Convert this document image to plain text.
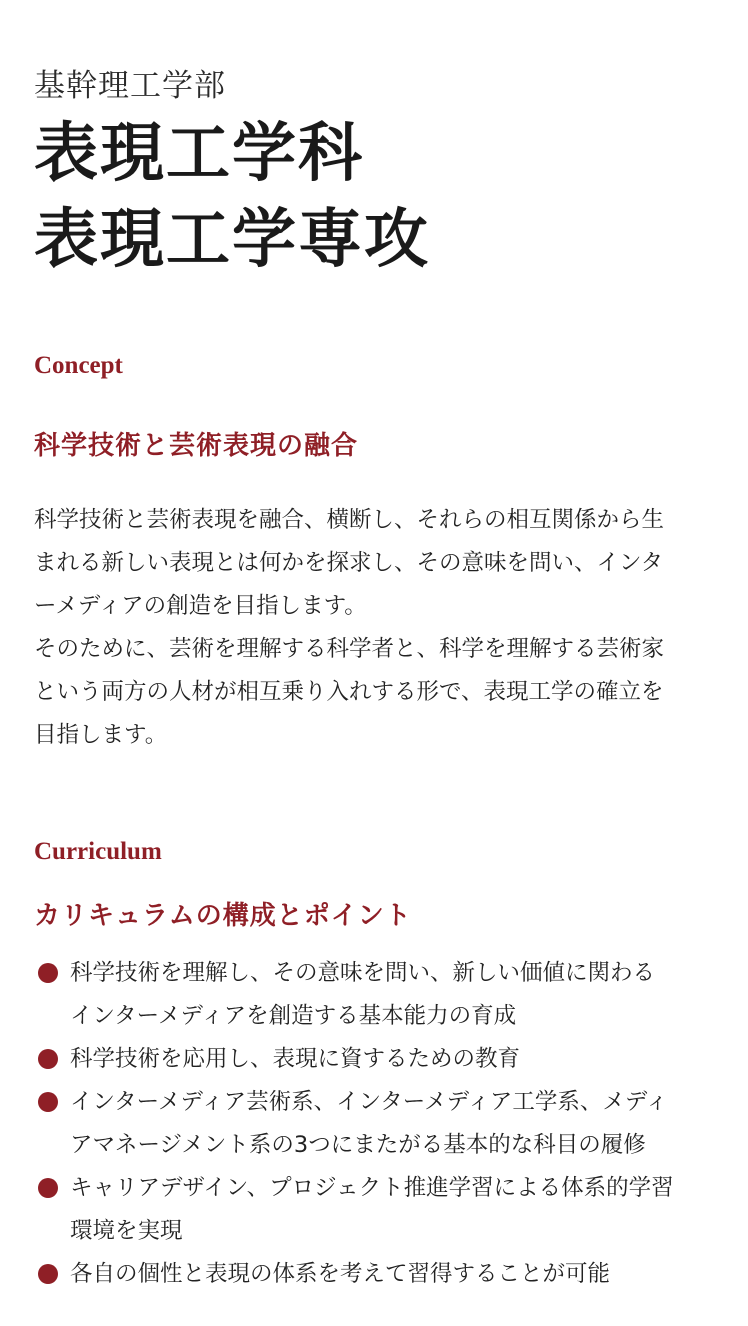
基幹理工学部
表現工学科
表現工学専攻
Concept
科学技術と芸術表現の融合

科学技術と芸術表現を融合、横断し、それらの相互関係から生

まれる新しい表現とは何かを探求し、その意味を問い、インタ

ーメディアの創造を目指します。

そのために、芸術を理解する科学者と、科学を理解する芸術家

という両方の人材が相互乗り入れする形で、表現工学の確立を

目指します。

Curriculum
カリキュラムの構成とポイント
科学技術を理解し、その意味を問い、新しい価値に関わる
インターメディアを創造する基本能力の育成
科学技術を応用し、表現に資するための教育
インターメディア芸術系、インターメディア工学系、メディ
アマネージメント系の3つにまたがる基本的な科目の履修
キャリアデザイン、プロジェクト推進学習による体系的学習
環境を実現
各自の個性と表現の体系を考えて習得することが可能
